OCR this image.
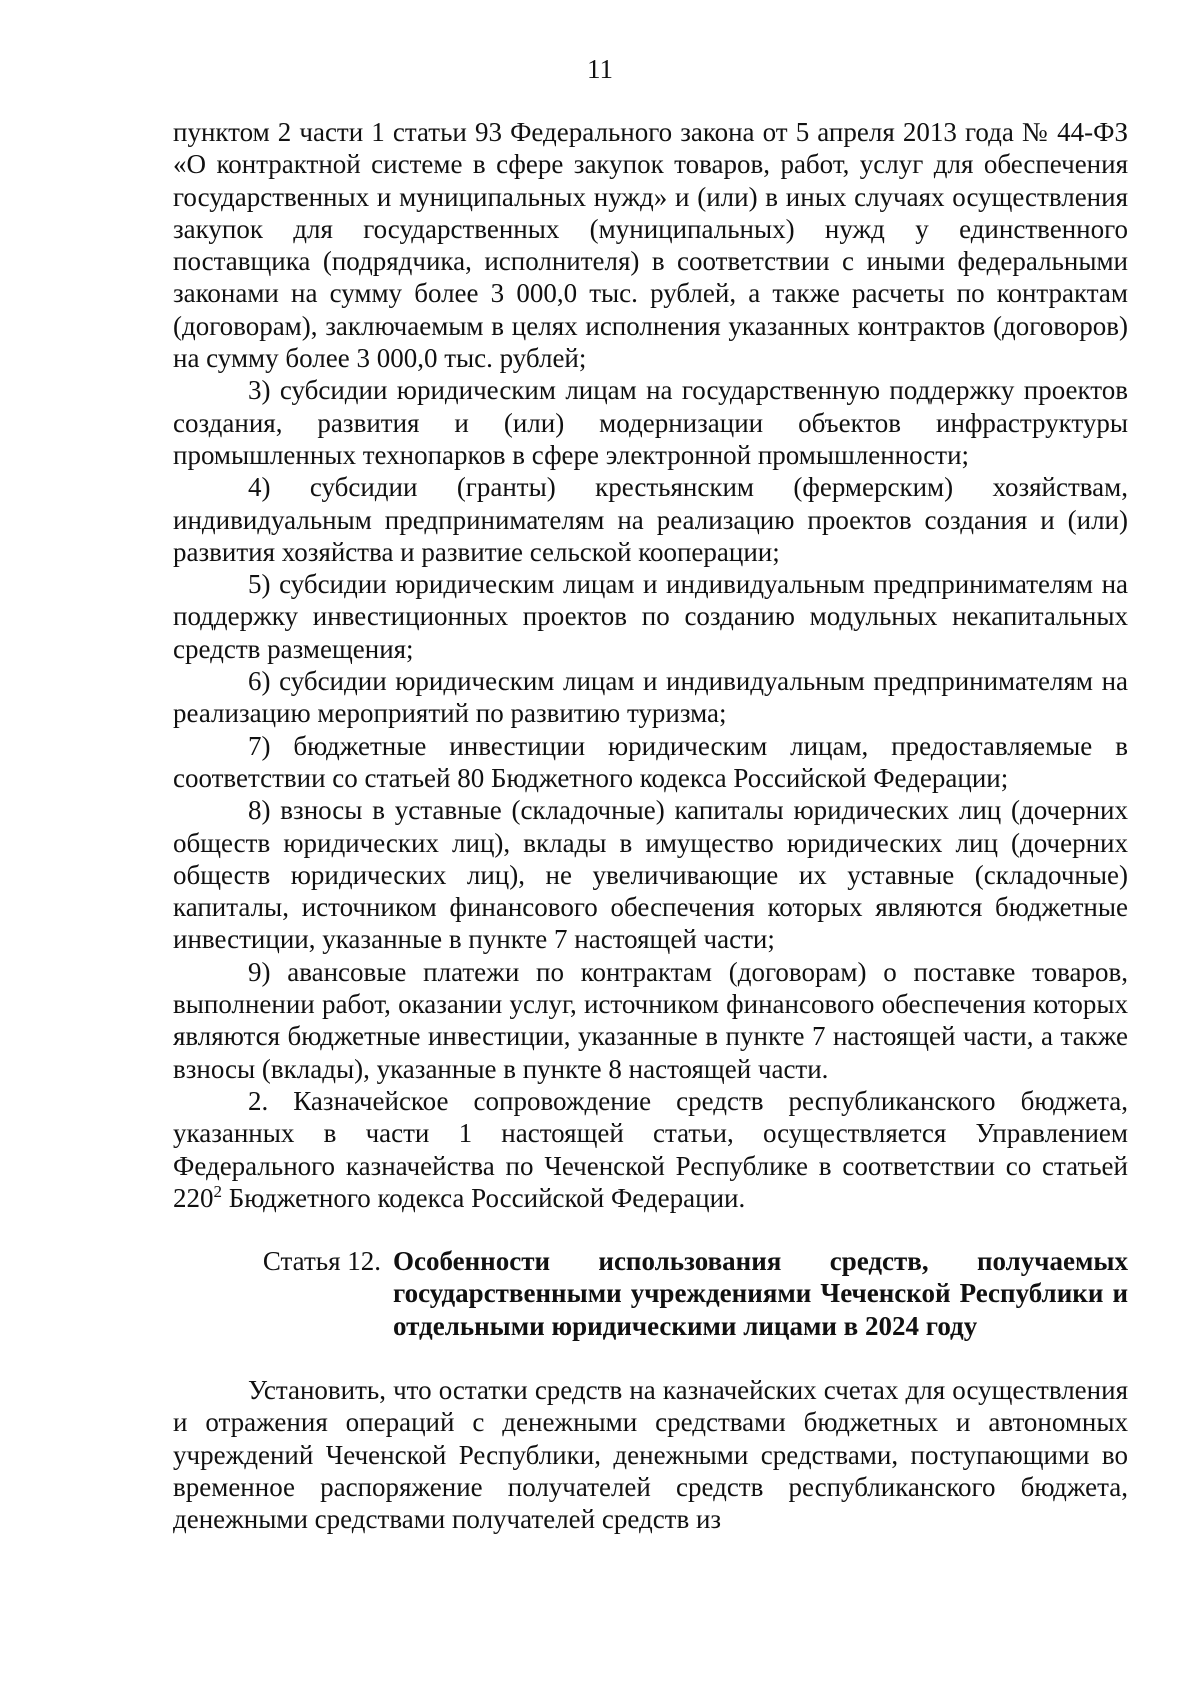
11

пунктом 2 части 1 статьи 93 Федерального закона от 5 апреля 2013 года № 44-ФЗ «О контрактной системе в сфере закупок товаров, работ, услуг для обеспечения государственных и муниципальных нужд» и (или) в иных случаях осуществления закупок для государственных (муниципальных) нужд у единственного поставщика (подрядчика, исполнителя) в соответствии с иными федеральными законами на сумму более 3 000,0 тыс. рублей, а также расчеты по контрактам (договорам), заключаемым в целях исполнения указанных контрактов (договоров) на сумму более 3 000,0 тыс. рублей;

3) субсидии юридическим лицам на государственную поддержку проектов создания, развития и (или) модернизации объектов инфраструктуры промышленных технопарков в сфере электронной промышленности;

4) субсидии (гранты) крестьянским (фермерским) хозяйствам, индивидуальным предпринимателям на реализацию проектов создания и (или) развития хозяйства и развитие сельской кооперации;

5) субсидии юридическим лицам и индивидуальным предпринимателям на поддержку инвестиционных проектов по созданию модульных некапитальных средств размещения;

6) субсидии юридическим лицам и индивидуальным предпринимателям на реализацию мероприятий по развитию туризма;

7) бюджетные инвестиции юридическим лицам, предоставляемые в соответствии со статьей 80 Бюджетного кодекса Российской Федерации;

8) взносы в уставные (складочные) капиталы юридических лиц (дочерних обществ юридических лиц), вклады в имущество юридических лиц (дочерних обществ юридических лиц), не увеличивающие их уставные (складочные) капиталы, источником финансового обеспечения которых являются бюджетные инвестиции, указанные в пункте 7 настоящей части;

9) авансовые платежи по контрактам (договорам) о поставке товаров, выполнении работ, оказании услуг, источником финансового обеспечения которых являются бюджетные инвестиции, указанные в пункте 7 настоящей части, а также взносы (вклады), указанные в пункте 8 настоящей части.

2. Казначейское сопровождение средств республиканского бюджета, указанных в части 1 настоящей статьи, осуществляется Управлением Федерального казначейства по Чеченской Республике в соответствии со статьей $220^2$ Бюджетного кодекса Российской Федерации.

Статья 12. Особенности использования средств, получаемых государственными учреждениями Чеченской Республики и отдельными юридическими лицами в 2024 году

Установить, что остатки средств на казначейских счетах для осуществления и отражения операций с денежными средствами бюджетных и автономных учреждений Чеченской Республики, денежными средствами, поступающими во временное распоряжение получателей средств республиканского бюджета, денежными средствами получателей средств из
